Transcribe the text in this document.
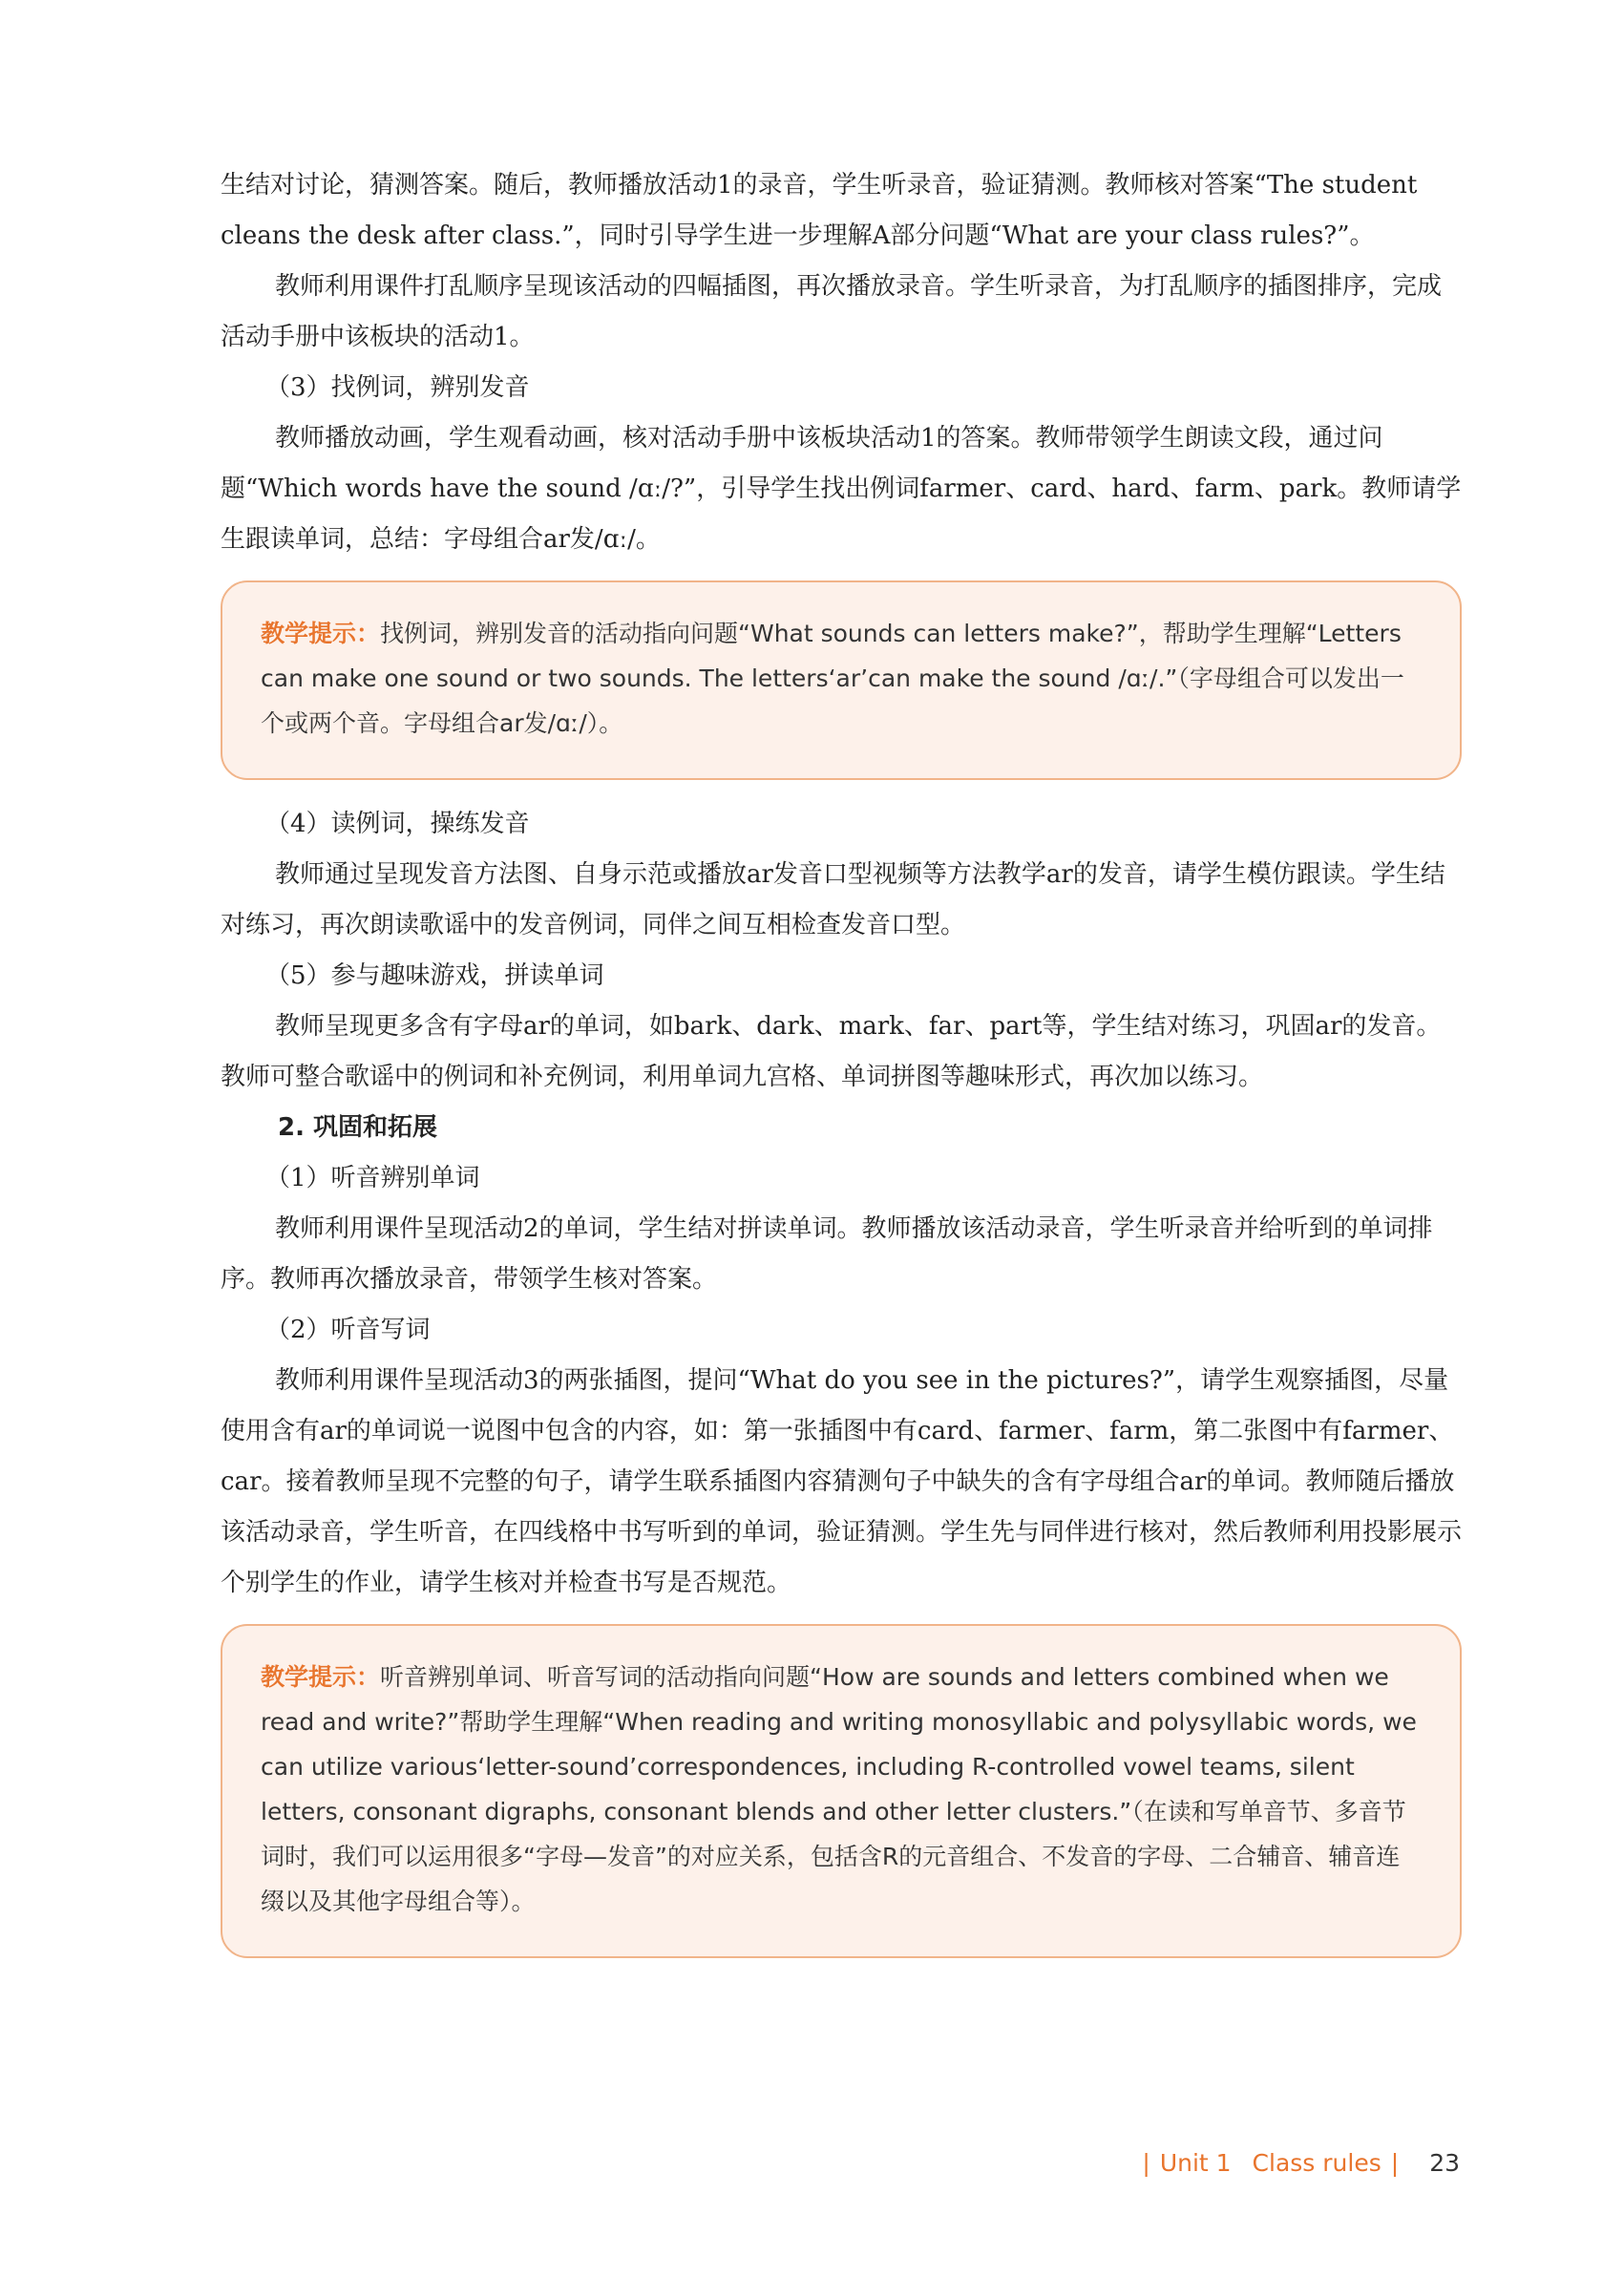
生结对讨论，猜测答案。随后，教师播放活动1的录音，学生听录音，验证猜测。教师核对答案“The student cleans the desk after class.”，同时引导学生进一步理解A部分问题“What are your class rules?”。

教师利用课件打乱顺序呈现该活动的四幅插图，再次播放录音。学生听录音，为打乱顺序的插图排序，完成活动手册中该板块的活动1。

（3）找例词，辨别发音

教师播放动画，学生观看动画，核对活动手册中该板块活动1的答案。教师带领学生朗读文段，通过问题“Which words have the sound /ɑː/?”，引导学生找出例词farmer、card、hard、farm、park。教师请学生跟读单词，总结：字母组合ar发/ɑː/。

教学提示：找例词，辨别发音的活动指向问题“What sounds can letters make?”，帮助学生理解“Letters can make one sound or two sounds. The letters‘ar’can make the sound /ɑː/.”（字母组合可以发出一个或两个音。字母组合ar发/ɑː/）。

（4）读例词，操练发音

教师通过呈现发音方法图、自身示范或播放ar发音口型视频等方法教学ar的发音，请学生模仿跟读。学生结对练习，再次朗读歌谣中的发音例词，同伴之间互相检查发音口型。

（5）参与趣味游戏，拼读单词

教师呈现更多含有字母ar的单词，如bark、dark、mark、far、part等，学生结对练习，巩固ar的发音。教师可整合歌谣中的例词和补充例词，利用单词九宫格、单词拼图等趣味形式，再次加以练习。

2. 巩固和拓展

（1）听音辨别单词

教师利用课件呈现活动2的单词，学生结对拼读单词。教师播放该活动录音，学生听录音并给听到的单词排序。教师再次播放录音，带领学生核对答案。

（2）听音写词

教师利用课件呈现活动3的两张插图，提问“What do you see in the pictures?”，请学生观察插图，尽量使用含有ar的单词说一说图中包含的内容，如：第一张插图中有card、farmer、farm，第二张图中有farmer、car。接着教师呈现不完整的句子，请学生联系插图内容猜测句子中缺失的含有字母组合ar的单词。教师随后播放该活动录音，学生听音，在四线格中书写听到的单词，验证猜测。学生先与同伴进行核对，然后教师利用投影展示个别学生的作业，请学生核对并检查书写是否规范。

教学提示：听音辨别单词、听音写词的活动指向问题“How are sounds and letters combined when we read and write?”帮助学生理解“When reading and writing monosyllabic and polysyllabic words, we can utilize various‘letter-sound’correspondences, including R-controlled vowel teams, silent letters, consonant digraphs, consonant blends and other letter clusters.”（在读和写单音节、多音节词时，我们可以运用很多“字母—发音”的对应关系，包括含R的元音组合、不发音的字母、二合辅音、辅音连缀以及其他字母组合等）。

| Unit 1 Class rules | 23
